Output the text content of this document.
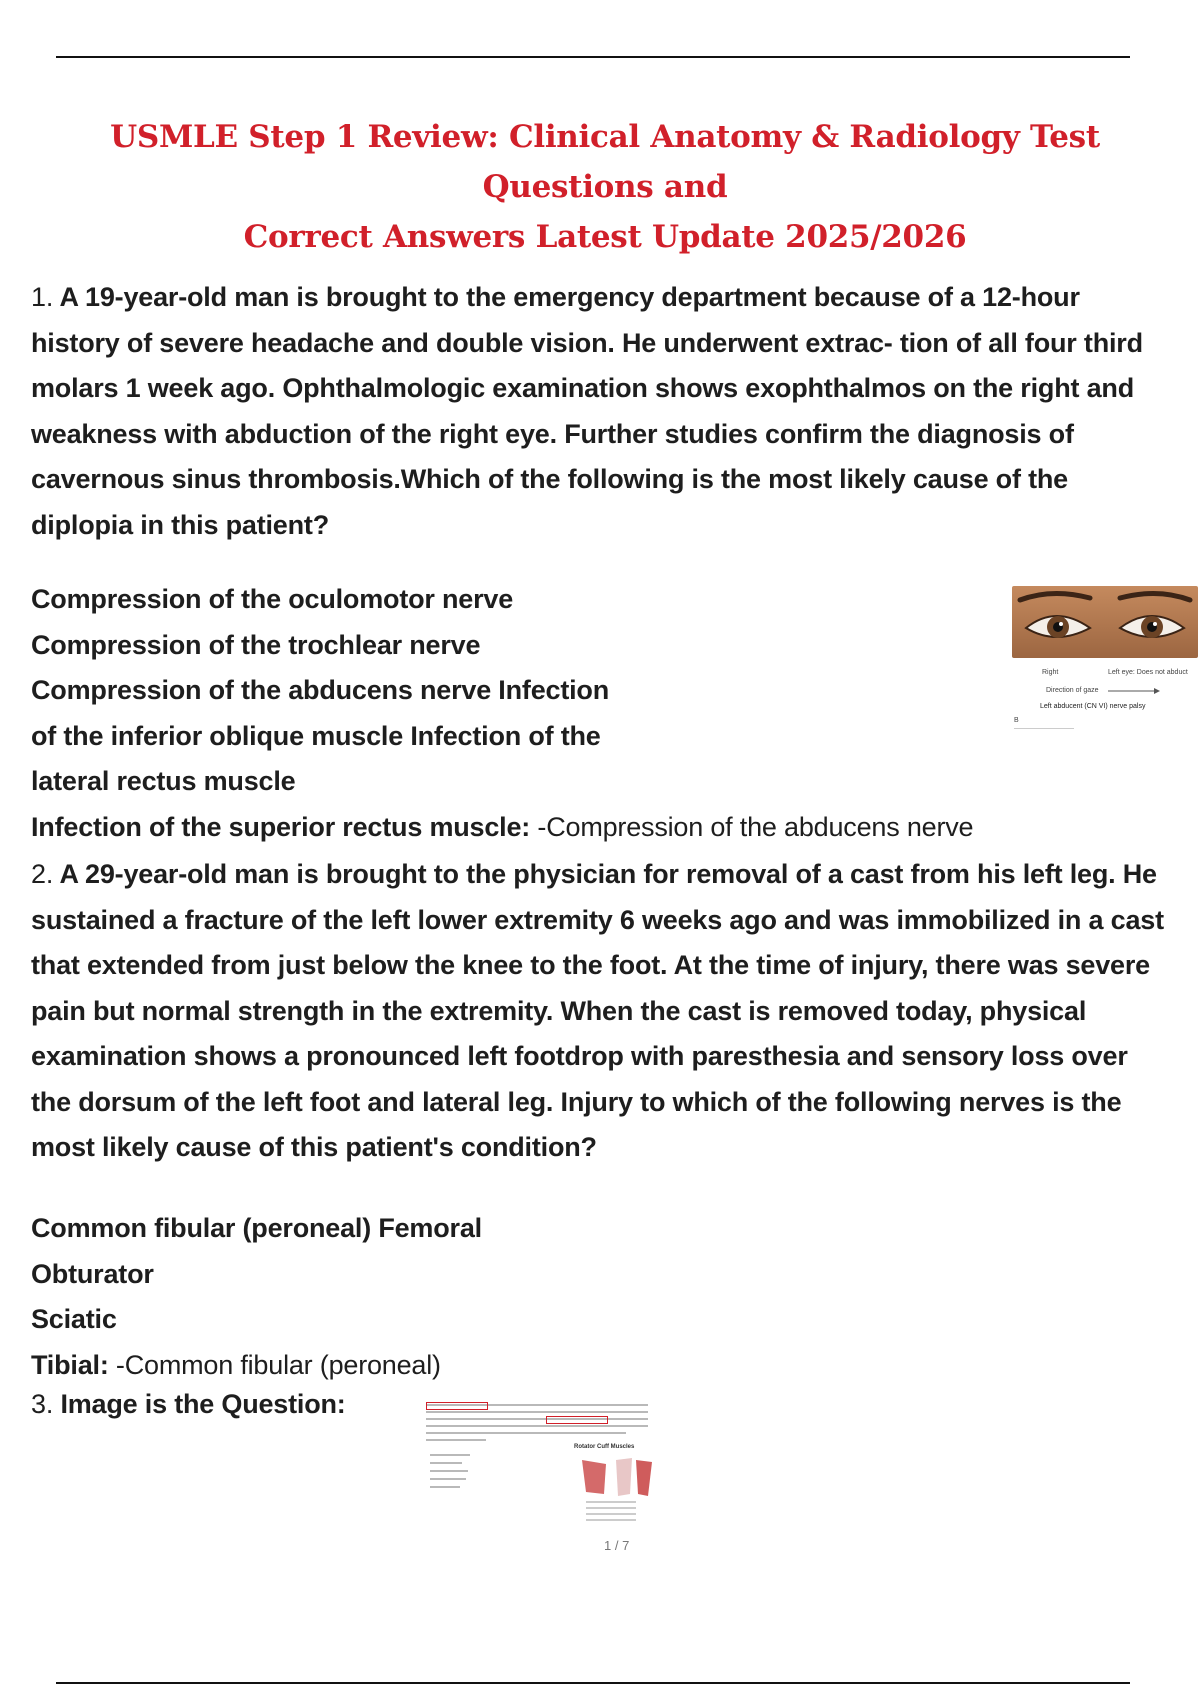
USMLE Step 1 Review: Clinical Anatomy & Radiology Test Questions and
Correct Answers Latest Update 2025/2026
1. A 19-year-old man is brought to the emergency department because of a 12-hour
history of severe headache and double vision. He underwent extrac- tion of all four third
molars 1 week ago. Ophthalmologic examination shows exophthalmos on the right and
weakness with abduction of the right eye. Further studies confirm the diagnosis of
cavernous sinus thrombosis.Which of the following is the most likely cause of the
diplopia in this patient?
Compression of the oculomotor nerve
Compression of the trochlear nerve
Compression of the abducens nerve Infection
of the inferior oblique muscle Infection of the
lateral rectus muscle
Infection of the superior rectus muscle: -Compression of the abducens nerve
Right	Left eye: Does not abduct
Direction of gaze
Left abducent (CN VI) nerve palsy
B
2. A 29-year-old man is brought to the physician for removal of a cast from his left leg. He
sustained a fracture of the left lower extremity 6 weeks ago and was immobilized in a cast
that extended from just below the knee to the foot. At the time of injury, there was severe
pain but normal strength in the extremity. When the cast is removed today, physical
examination shows a pronounced left footdrop with paresthesia and sensory loss over
the dorsum of the left foot and lateral leg. Injury to which of the following nerves is the
most likely cause of this patient's condition?
Common fibular (peroneal) Femoral
Obturator
Sciatic
Tibial: -Common fibular (peroneal)
3. Image is the Question:
Rotator Cuff Muscles
1 / 7
